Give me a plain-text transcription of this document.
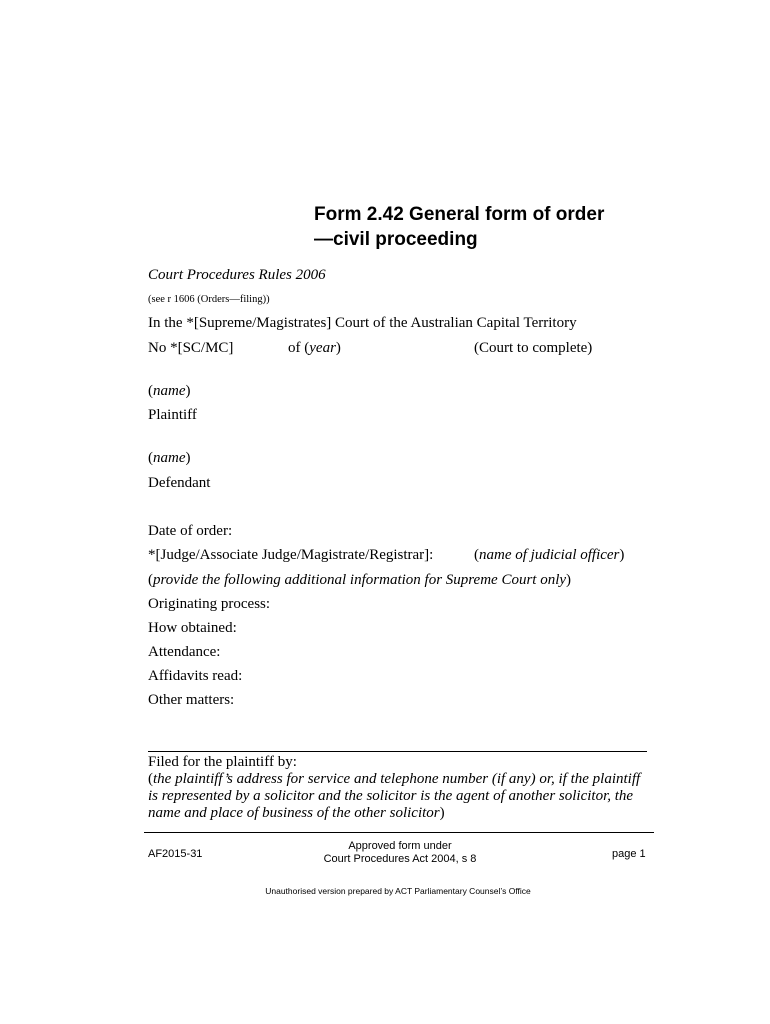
Form 2.42 General form of order
—civil proceeding
Court Procedures Rules 2006
(see r 1606 (Orders—filing))
In the *[Supreme/Magistrates] Court of the Australian Capital Territory
No *[SC/MC]	of (year)	(Court to complete)
(name)
Plaintiff
(name)
Defendant
Date of order:
*[Judge/Associate Judge/Magistrate/Registrar]:	(name of judicial officer)
(provide the following additional information for Supreme Court only)
Originating process:
How obtained:
Attendance:
Affidavits read:
Other matters:
Filed for the plaintiff by:
(the plaintiff’s address for service and telephone number (if any) or, if the plaintiff is represented by a solicitor and the solicitor is the agent of another solicitor, the name and place of business of the other solicitor)
AF2015-31
Approved form under
Court Procedures Act 2004, s 8	page 1
Unauthorised version prepared by ACT Parliamentary Counsel’s Office
